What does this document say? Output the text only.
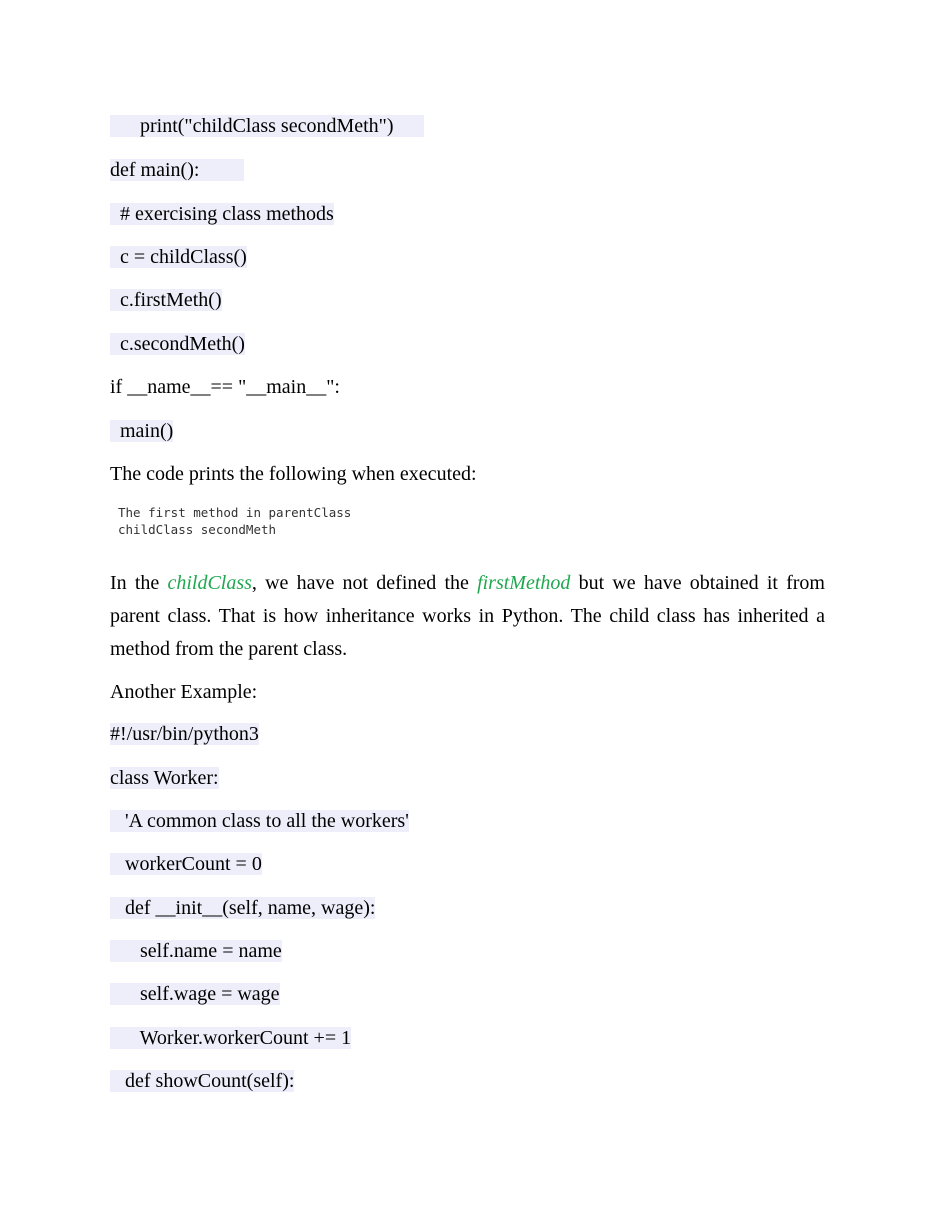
print("childClass secondMeth")
def main():
# exercising class methods
c = childClass()
c.firstMeth()
c.secondMeth()
if __name__== "__main__":
main()
The code prints the following when executed:
The first method in parentClass
childClass secondMeth
In the childClass, we have not defined the firstMethod but we have obtained it from parent class. That is how inheritance works in Python. The child class has inherited a method from the parent class.
Another Example:
#!/usr/bin/python3
class Worker:
'A common class to all the workers'
workerCount = 0
def __init__(self, name, wage):
self.name = name
self.wage = wage
Worker.workerCount += 1
def showCount(self):
